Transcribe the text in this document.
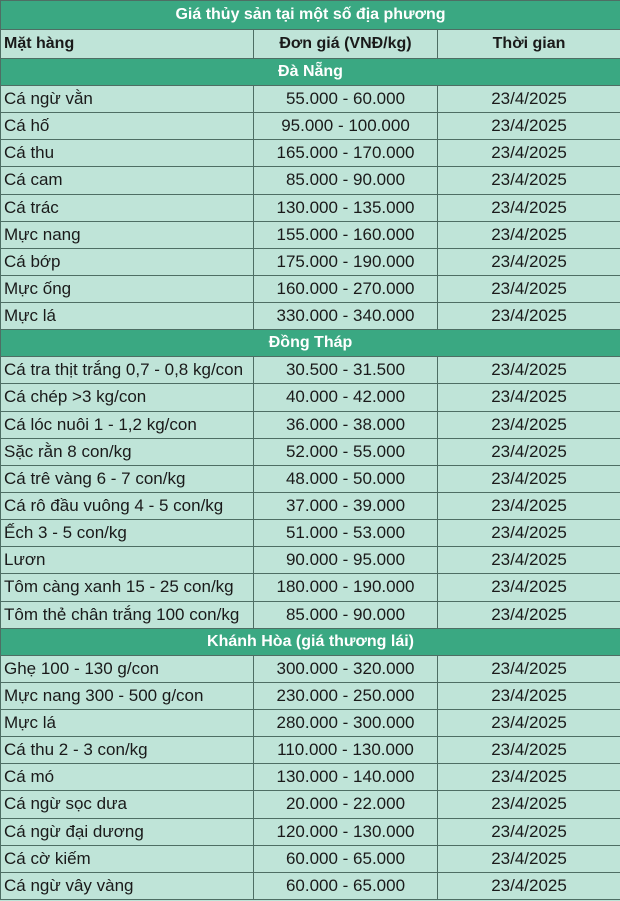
Giá thủy sản tại một số địa phương		
Mặt hàng	Đơn giá (VNĐ/kg)	Thời gian
Đà Nẵng		
Cá ngừ vằn	55.000 - 60.000	23/4/2025
Cá hố	95.000 - 100.000	23/4/2025
Cá thu	165.000 - 170.000	23/4/2025
Cá cam	85.000 - 90.000	23/4/2025
Cá trác	130.000 - 135.000	23/4/2025
Mực nang	155.000 - 160.000	23/4/2025
Cá bớp	175.000 - 190.000	23/4/2025
Mực ống	160.000 - 270.000	23/4/2025
Mực lá	330.000 - 340.000	23/4/2025
Đồng Tháp		
Cá tra thịt trắng 0,7 - 0,8 kg/con	30.500 - 31.500	23/4/2025
Cá chép >3 kg/con	40.000 - 42.000	23/4/2025
Cá lóc nuôi 1 - 1,2 kg/con	36.000 - 38.000	23/4/2025
Sặc rằn 8 con/kg	52.000 - 55.000	23/4/2025
Cá trê vàng 6 - 7 con/kg	48.000 - 50.000	23/4/2025
Cá rô đầu vuông 4 - 5 con/kg	37.000 - 39.000	23/4/2025
Ếch 3 - 5 con/kg	51.000 - 53.000	23/4/2025
Lươn	90.000 - 95.000	23/4/2025
Tôm càng xanh 15 - 25 con/kg	180.000 - 190.000	23/4/2025
Tôm thẻ chân trắng 100 con/kg	85.000 - 90.000	23/4/2025
Khánh Hòa (giá thương lái)		
Ghẹ 100 - 130 g/con	300.000 - 320.000	23/4/2025
Mực nang 300 - 500 g/con	230.000 - 250.000	23/4/2025
Mực lá	280.000 - 300.000	23/4/2025
Cá thu 2 - 3 con/kg	110.000 - 130.000	23/4/2025
Cá mó	130.000 - 140.000	23/4/2025
Cá ngừ sọc dưa	20.000 - 22.000	23/4/2025
Cá ngừ đại dương	120.000 - 130.000	23/4/2025
Cá cờ kiếm	60.000 - 65.000	23/4/2025
Cá ngừ vây vàng	60.000 - 65.000	23/4/2025
